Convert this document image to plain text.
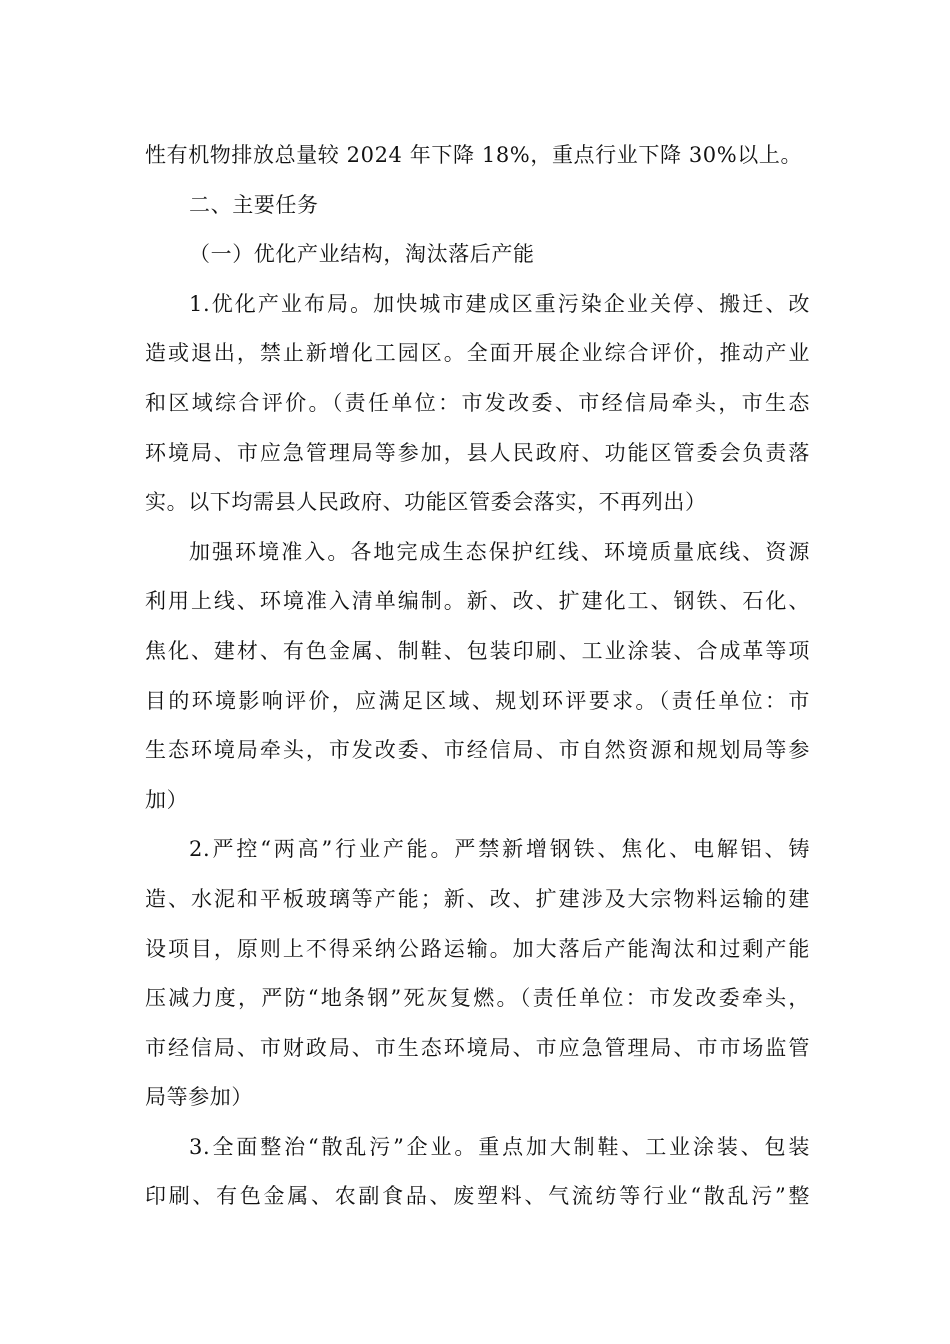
性有机物排放总量较 2024 年下降 18%，重点行业下降 30%以上。
二、主要任务
（一）优化产业结构，淘汰落后产能
1.优化产业布局。加快城市建成区重污染企业关停、搬迁、改
造或退出，禁止新增化工园区。全面开展企业综合评价，推动产业
和区域综合评价。（责任单位：市发改委、市经信局牵头，市生态
环境局、市应急管理局等参加，县人民政府、功能区管委会负责落
实。以下均需县人民政府、功能区管委会落实，不再列出）
加强环境准入。各地完成生态保护红线、环境质量底线、资源
利用上线、环境准入清单编制。新、改、扩建化工、钢铁、石化、
焦化、建材、有色金属、制鞋、包装印刷、工业涂装、合成革等项
目的环境影响评价，应满足区域、规划环评要求。（责任单位：市
生态环境局牵头，市发改委、市经信局、市自然资源和规划局等参
加）
2.严控“两高”行业产能。严禁新增钢铁、焦化、电解铝、铸
造、水泥和平板玻璃等产能；新、改、扩建涉及大宗物料运输的建
设项目，原则上不得采纳公路运输。加大落后产能淘汰和过剩产能
压减力度，严防“地条钢”死灰复燃。（责任单位：市发改委牵头，
市经信局、市财政局、市生态环境局、市应急管理局、市市场监管
局等参加）
3.全面整治“散乱污”企业。重点加大制鞋、工业涂装、包装
印刷、有色金属、农副食品、废塑料、气流纺等行业“散乱污”整
